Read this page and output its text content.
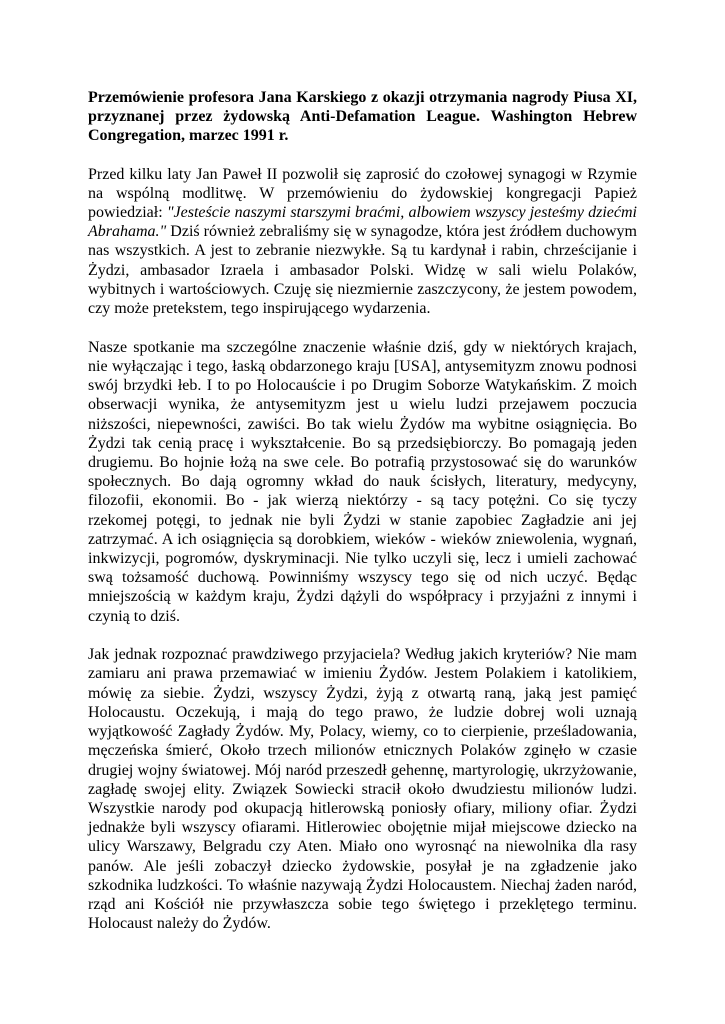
Przemówienie profesora Jana Karskiego z okazji otrzymania nagrody Piusa XI, przyznanej przez żydowską Anti-Defamation League. Washington Hebrew Congregation, marzec 1991 r.

Przed kilku laty Jan Paweł II pozwolił się zaprosić do czołowej synagogi w Rzymie na wspólną modlitwę. W przemówieniu do żydowskiej kongregacji Papież powiedział: "Jesteście naszymi starszymi braćmi, albowiem wszyscy jesteśmy dziećmi Abrahama." Dziś również zebraliśmy się w synagodze, która jest źródłem duchowym nas wszystkich. A jest to zebranie niezwykłe. Są tu kardynał i rabin, chrześcijanie i Żydzi, ambasador Izraela i ambasador Polski. Widzę w sali wielu Polaków, wybitnych i wartościowych. Czuję się niezmiernie zaszczycony, że jestem powodem, czy może pretekstem, tego inspirującego wydarzenia.

Nasze spotkanie ma szczególne znaczenie właśnie dziś, gdy w niektórych krajach, nie wyłączając i tego, łaską obdarzonego kraju [USA], antysemityzm znowu podnosi swój brzydki łeb. I to po Holocauście i po Drugim Soborze Watykańskim. Z moich obserwacji wynika, że antysemityzm jest u wielu ludzi przejawem poczucia niższości, niepewności, zawiści. Bo tak wielu Żydów ma wybitne osiągnięcia. Bo Żydzi tak cenią pracę i wykształcenie. Bo są przedsiębiorczy. Bo pomagają jeden drugiemu. Bo hojnie łożą na swe cele. Bo potrafią przystosować się do warunków społecznych. Bo dają ogromny wkład do nauk ścisłych, literatury, medycyny, filozofii, ekonomii. Bo - jak wierzą niektórzy - są tacy potężni. Co się tyczy rzekomej potęgi, to jednak nie byli Żydzi w stanie zapobiec Zagładzie ani jej zatrzymać. A ich osiągnięcia są dorobkiem, wieków - wieków zniewolenia, wygnań, inkwizycji, pogromów, dyskryminacji. Nie tylko uczyli się, lecz i umieli zachować swą tożsamość duchową. Powinniśmy wszyscy tego się od nich uczyć. Będąc mniejszością w każdym kraju, Żydzi dążyli do współpracy i przyjaźni z innymi i czynią to dziś.

Jak jednak rozpoznać prawdziwego przyjaciela? Według jakich kryteriów? Nie mam zamiaru ani prawa przemawiać w imieniu Żydów. Jestem Polakiem i katolikiem, mówię za siebie. Żydzi, wszyscy Żydzi, żyją z otwartą raną, jaką jest pamięć Holocaustu. Oczekują, i mają do tego prawo, że ludzie dobrej woli uznają wyjątkowość Zagłady Żydów. My, Polacy, wiemy, co to cierpienie, prześladowania, męczeńska śmierć, Około trzech milionów etnicznych Polaków zginęło w czasie drugiej wojny światowej. Mój naród przeszedł gehennę, martyrologię, ukrzyżowanie, zagładę swojej elity. Związek Sowiecki stracił około dwudziestu milionów ludzi. Wszystkie narody pod okupacją hitlerowską poniosły ofiary, miliony ofiar. Żydzi jednakże byli wszyscy ofiarami. Hitlerowiec obojętnie mijał miejscowe dziecko na ulicy Warszawy, Belgradu czy Aten. Miało ono wyrosnąć na niewolnika dla rasy panów. Ale jeśli zobaczył dziecko żydowskie, posyłał je na zgładzenie jako szkodnika ludzkości. To właśnie nazywają Żydzi Holocaustem. Niechaj żaden naród, rząd ani Kościół nie przywłaszcza sobie tego świętego i przeklętego terminu. Holocaust należy do Żydów.
